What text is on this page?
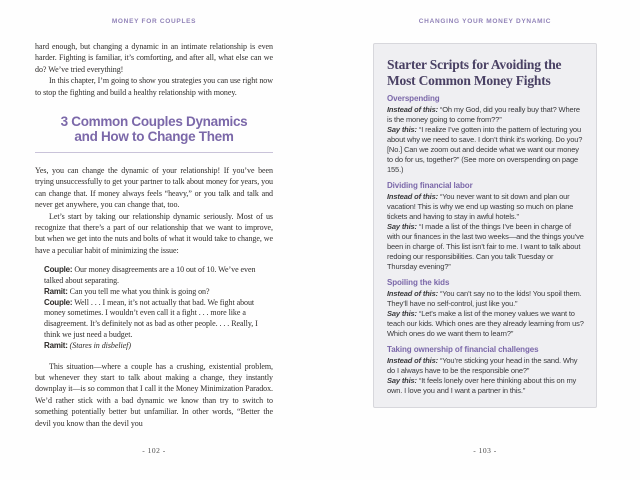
MONEY FOR COUPLES

hard enough, but changing a dynamic in an intimate relationship is even harder. Fighting is familiar, it’s comforting, and after all, what else can we do? We’ve tried everything!

In this chapter, I’m going to show you strategies you can use right now to stop the fighting and build a healthy relationship with money.

3 Common Couples Dynamics
and How to Change Them

Yes, you can change the dynamic of your relationship! If you’ve been trying unsuccessfully to get your partner to talk about money for years, you can change that. If money always feels “heavy,” or you talk and talk and never get anywhere, you can change that, too.

Let’s start by taking our relationship dynamic seriously. Most of us recognize that there’s a part of our relationship that we want to improve, but when we get into the nuts and bolts of what it would take to change, we have a peculiar habit of minimizing the issue:

Couple: Our money disagreements are a 10 out of 10. We’ve even talked about separating.

Ramit: Can you tell me what you think is going on?

Couple: Well . . . I mean, it’s not actually that bad. We fight about money sometimes. I wouldn’t even call it a fight . . . more like a disagreement. It’s definitely not as bad as other people. . . . Really, I think we just need a budget.

Ramit: (Stares in disbelief)

This situation—where a couple has a crushing, existential problem, but whenever they start to talk about making a change, they instantly downplay it—is so common that I call it the Money Minimization Paradox. We’d rather stick with a bad dynamic we know than try to switch to something potentially better but unfamiliar. In other words, “Better the devil you know than the devil you

CHANGING YOUR MONEY DYNAMIC
Starter Scripts for Avoiding the Most Common Money Fights
Overspending

Instead of this: “Oh my God, did you really buy that? Where is the money going to come from??”

Say this: “I realize I’ve gotten into the pattern of lecturing you about why we need to save. I don’t think it’s working. Do you? [No.] Can we zoom out and decide what we want our money to do for us, together?” (See more on overspending on page 155.)

Dividing financial labor

Instead of this: “You never want to sit down and plan our vacation! This is why we end up wasting so much on plane tickets and having to stay in awful hotels.”

Say this: “I made a list of the things I’ve been in charge of with our finances in the last two weeks—and the things you’ve been in charge of. This list isn’t fair to me. I want to talk about redoing our responsibilities. Can you talk Tuesday or Thursday evening?”

Spoiling the kids

Instead of this: “You can’t say no to the kids! You spoil them. They’ll have no self-control, just like you.”

Say this: “Let’s make a list of the money values we want to teach our kids. Which ones are they already learning from us? Which ones do we want them to learn?”

Taking ownership of financial challenges

Instead of this: “You’re sticking your head in the sand. Why do I always have to be the responsible one?”

Say this: “It feels lonely over here thinking about this on my own. I love you and I want a partner in this.”

- 102 -	- 103 -
